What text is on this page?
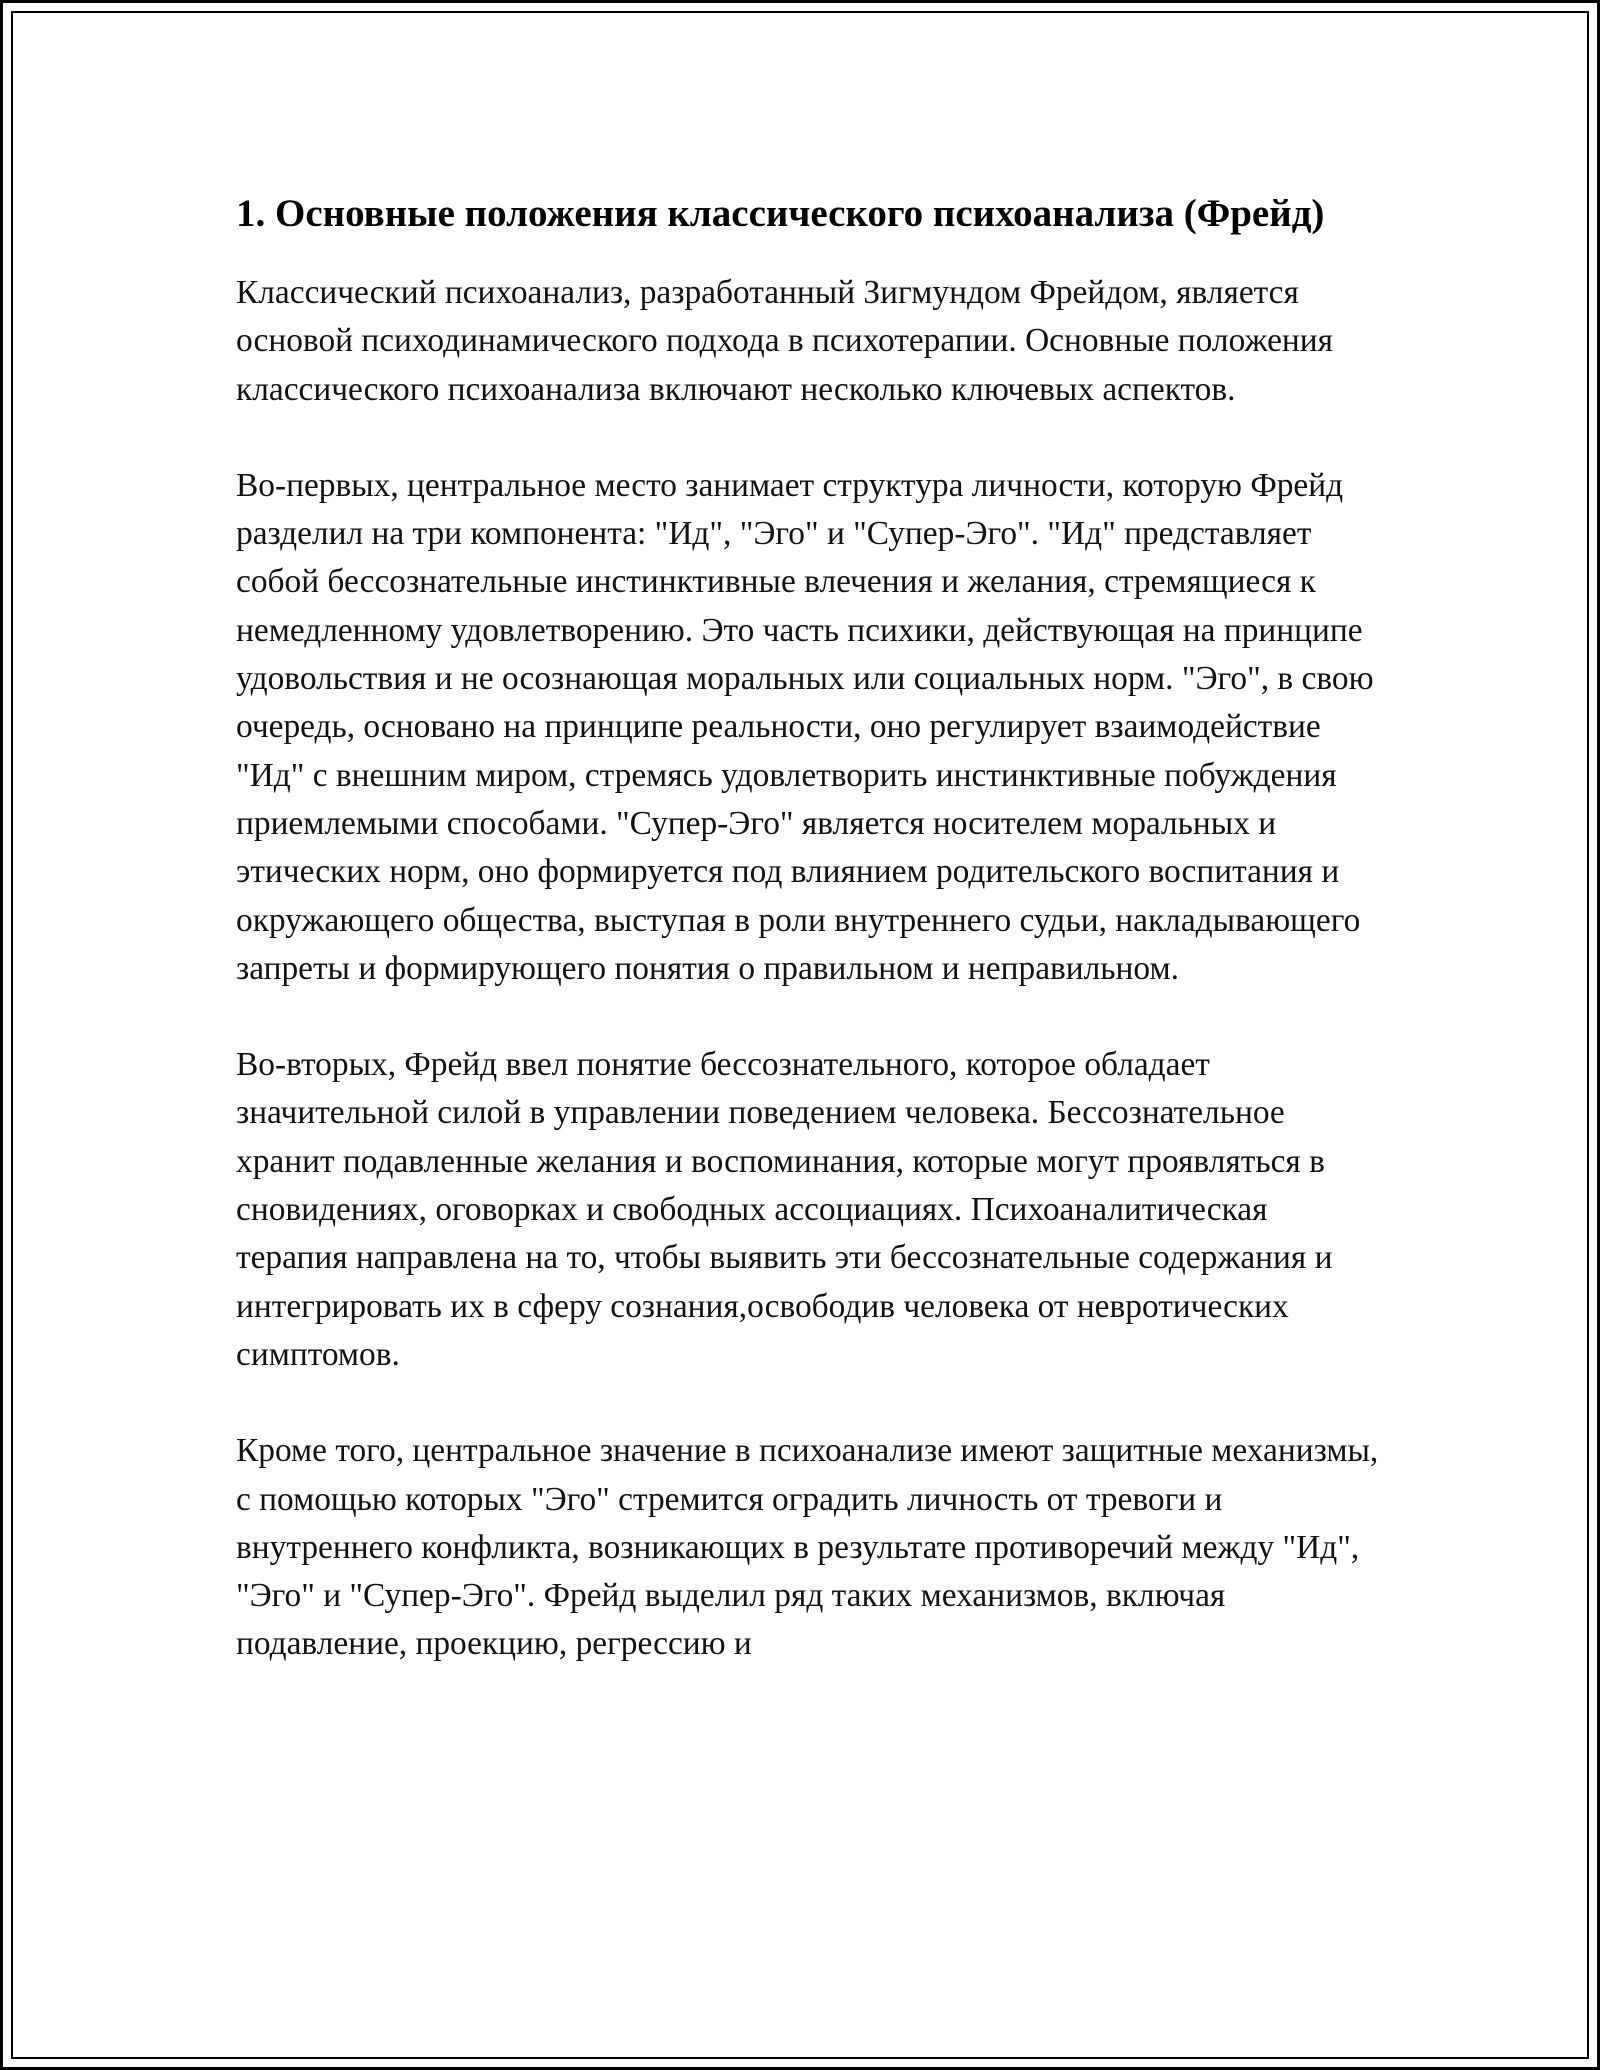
1. Основные положения классического психоанализа (Фрейд)

Классический психоанализ, разработанный Зигмундом Фрейдом, является основой психодинамического подхода в психотерапии. Основные положения классического психоанализа включают несколько ключевых аспектов.

Во-первых, центральное место занимает структура личности, которую Фрейд разделил на три компонента: "Ид", "Эго" и "Супер-Эго". "Ид" представляет собой бессознательные инстинктивные влечения и желания, стремящиеся к немедленному удовлетворению. Это часть психики, действующая на принципе удовольствия и не осознающая моральных или социальных норм. "Эго", в свою очередь, основано на принципе реальности, оно регулирует взаимодействие "Ид" с внешним миром, стремясь удовлетворить инстинктивные побуждения приемлемыми способами. "Супер-Эго" является носителем моральных и этических норм, оно формируется под влиянием родительского воспитания и окружающего общества, выступая в роли внутреннего судьи, накладывающего запреты и формирующего понятия о правильном и неправильном.

Во-вторых, Фрейд ввел понятие бессознательного, которое обладает значительной силой в управлении поведением человека. Бессознательное хранит подавленные желания и воспоминания, которые могут проявляться в сновидениях, оговорках и свободных ассоциациях. Психоаналитическая терапия направлена на то, чтобы выявить эти бессознательные содержания и интегрировать их в сферу сознания,освободив человека от невротических симптомов.

Кроме того, центральное значение в психоанализе имеют защитные механизмы, с помощью которых "Эго" стремится оградить личность от тревоги и внутреннего конфликта, возникающих в результате противоречий между "Ид", "Эго" и "Супер-Эго". Фрейд выделил ряд таких механизмов, включая подавление, проекцию, регрессию и
